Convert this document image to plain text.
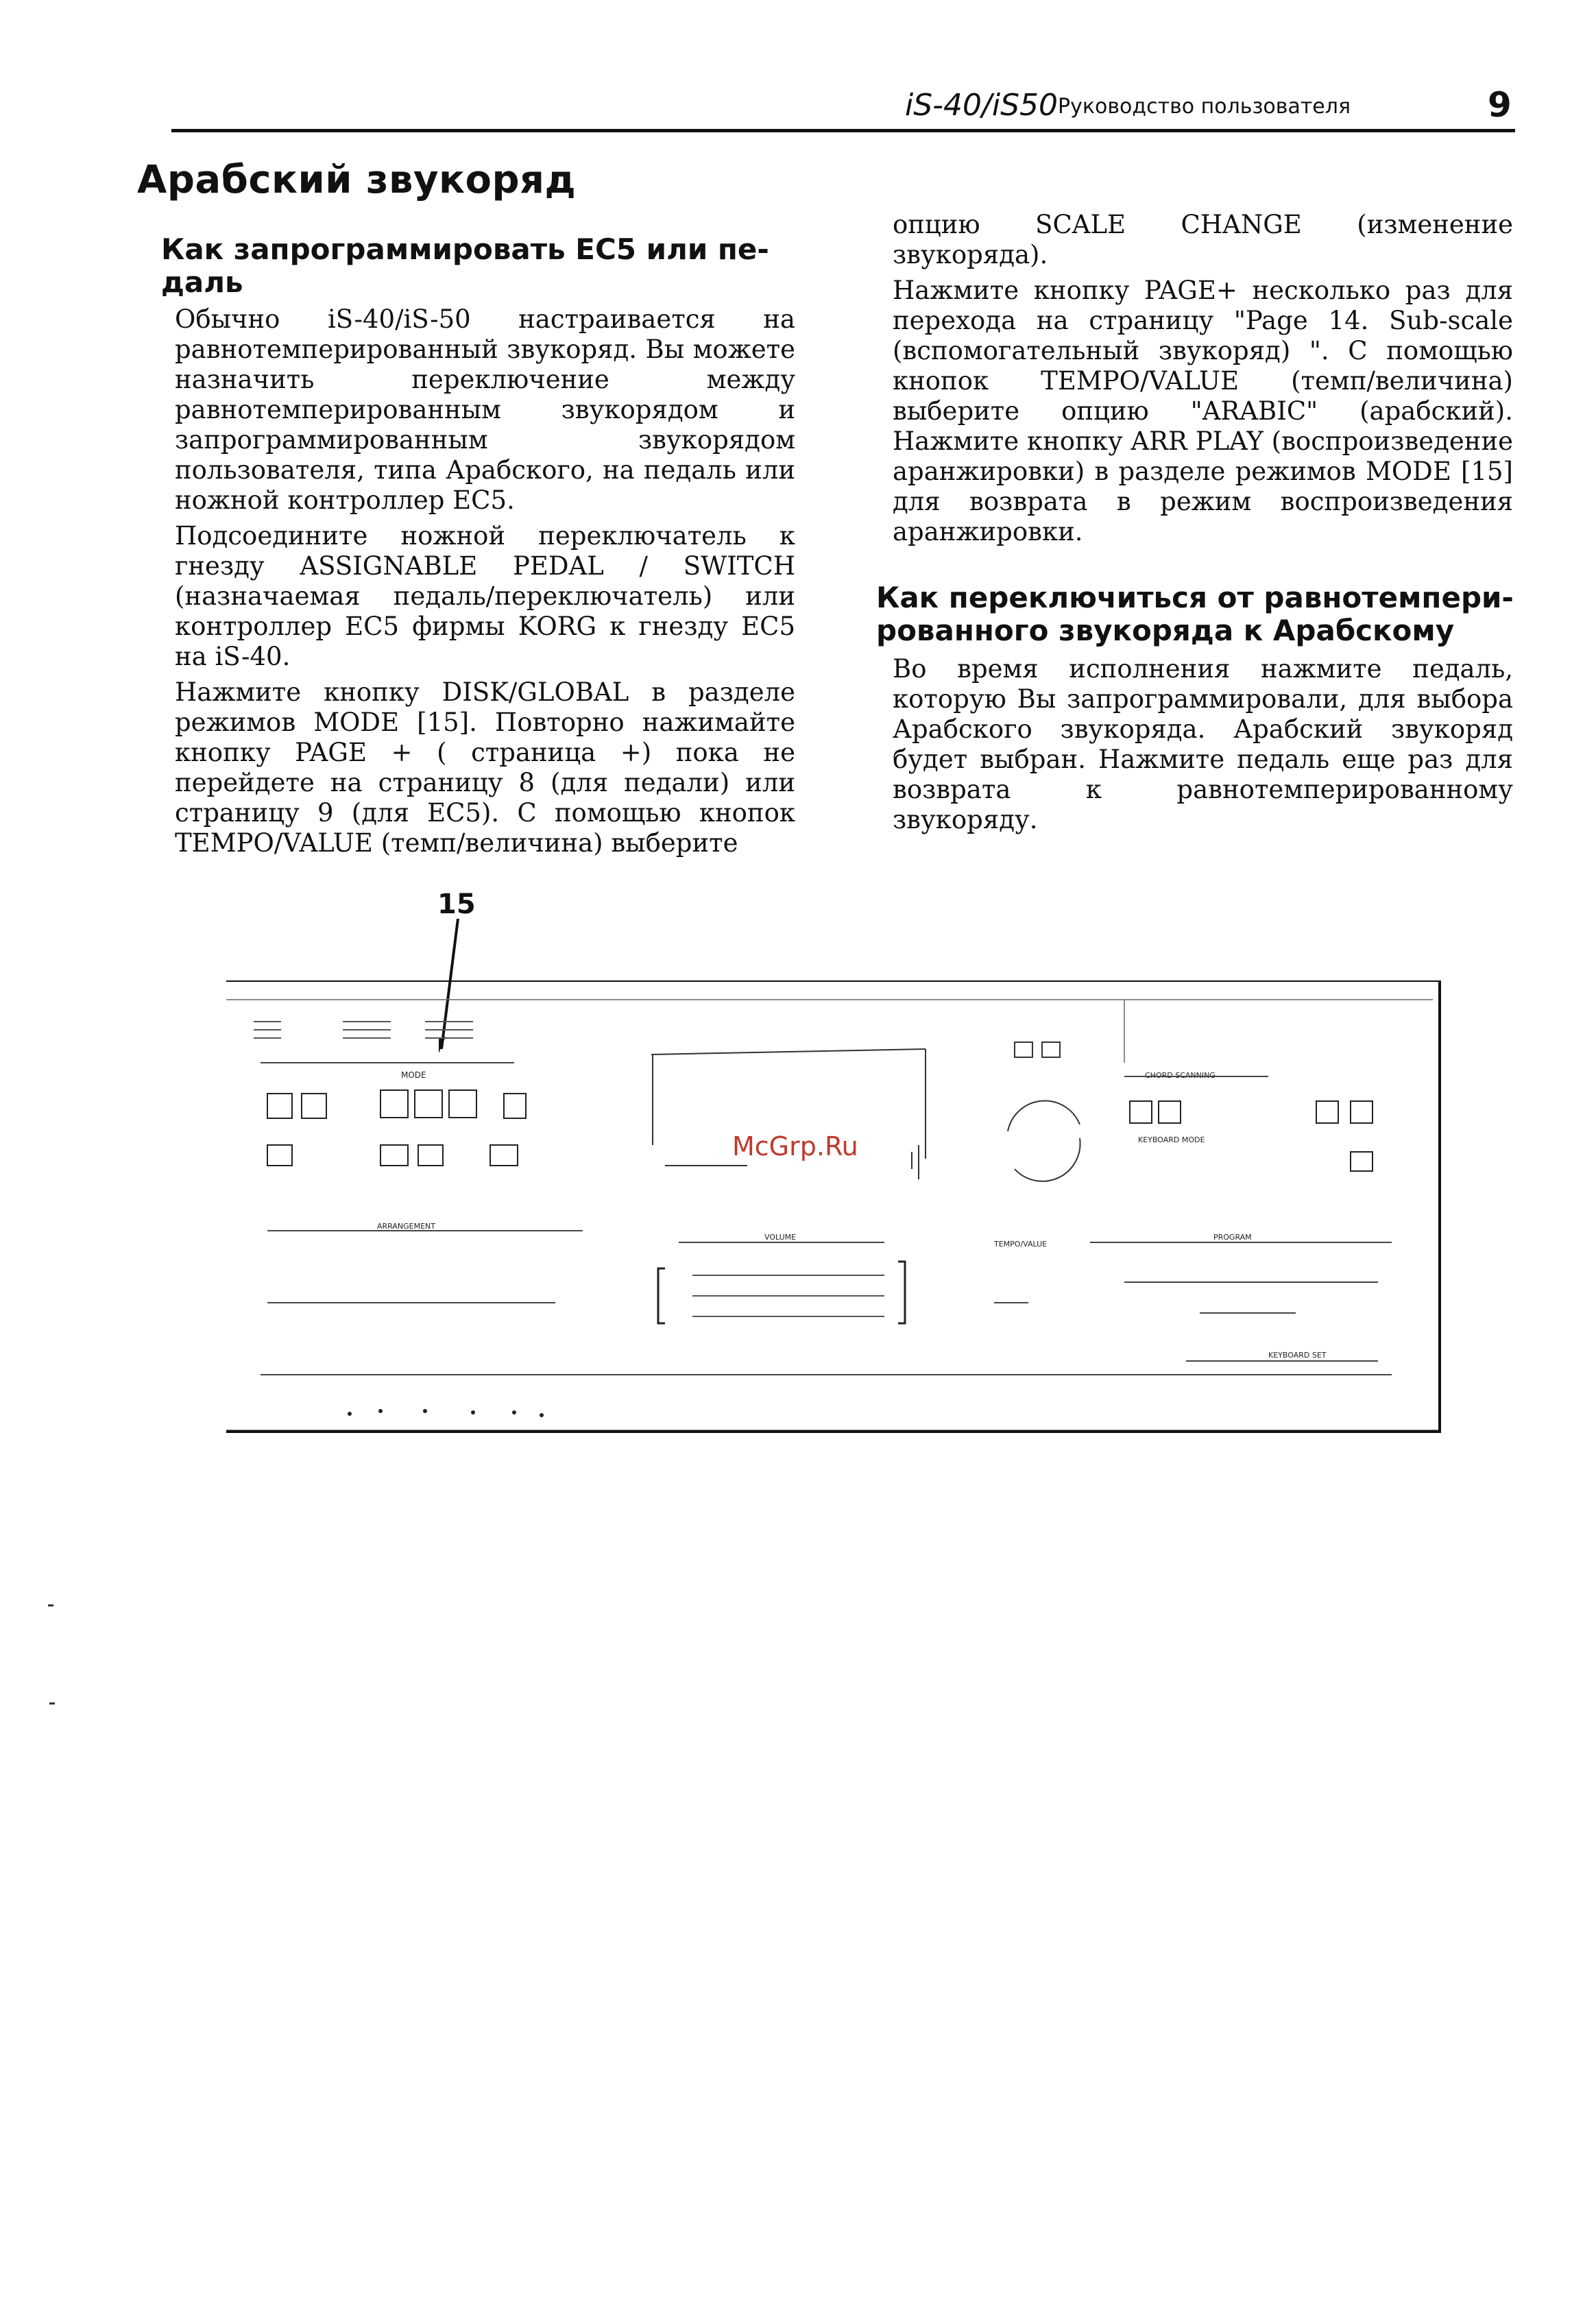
iS-40/iS50 Руководство пользователя	9
Арабский звукоряд
Как запрограммировать EC5 или пе-
даль

Обычно iS-40/iS-50 настраивается на равнотемперированный звукоряд. Вы можете назначить переключение между равнотемперированным звукорядом и запрограммированным звукорядом пользователя, типа Арабского, на педаль или ножной контроллер EC5.

Подсоедините ножной переключатель к гнезду ASSIGNABLE PEDAL / SWITCH (назначаемая педаль/переключатель) или контроллер EC5 фирмы KORG к гнезду EC5 на iS-40.

Нажмите кнопку DISK/GLOBAL в разделе режимов MODE [15]. Повторно нажимайте кнопку PAGE + ( страница +) пока не перейдете на страницу 8 (для педали) или страницу 9 (для EC5). С помощью кнопок TEMPO/VALUE (темп/величина) выберите

опцию SCALE CHANGE (изменение звукоряда).

Нажмите кнопку PAGE+ несколько раз для перехода на страницу "Page 14. Sub-scale (вспомогательный звукоряд) ". С помощью кнопок TEMPO/VALUE (темп/величина) выберите опцию "ARABIC" (арабский). Нажмите кнопку ARR PLAY (воспроизведение аранжировки) в разделе режимов MODE [15] для возврата в режим воспроизведения аранжировки.

Как переключиться от равнотемпери-
рованного звукоряда к Арабскому

Во время исполнения нажмите педаль, которую Вы запрограммировали, для выбора Арабского звукоряда. Арабский звукоряд будет выбран. Нажмите педаль еще раз для возврата к равнотемперированному звукоряду.

15
MODE	CHORD SCANNING
KEYBOARD MODE
ARRANGEMENT
VOLUME
TEMPO/VALUE
PROGRAM
KEYBOARD SET
McGrp.Ru
